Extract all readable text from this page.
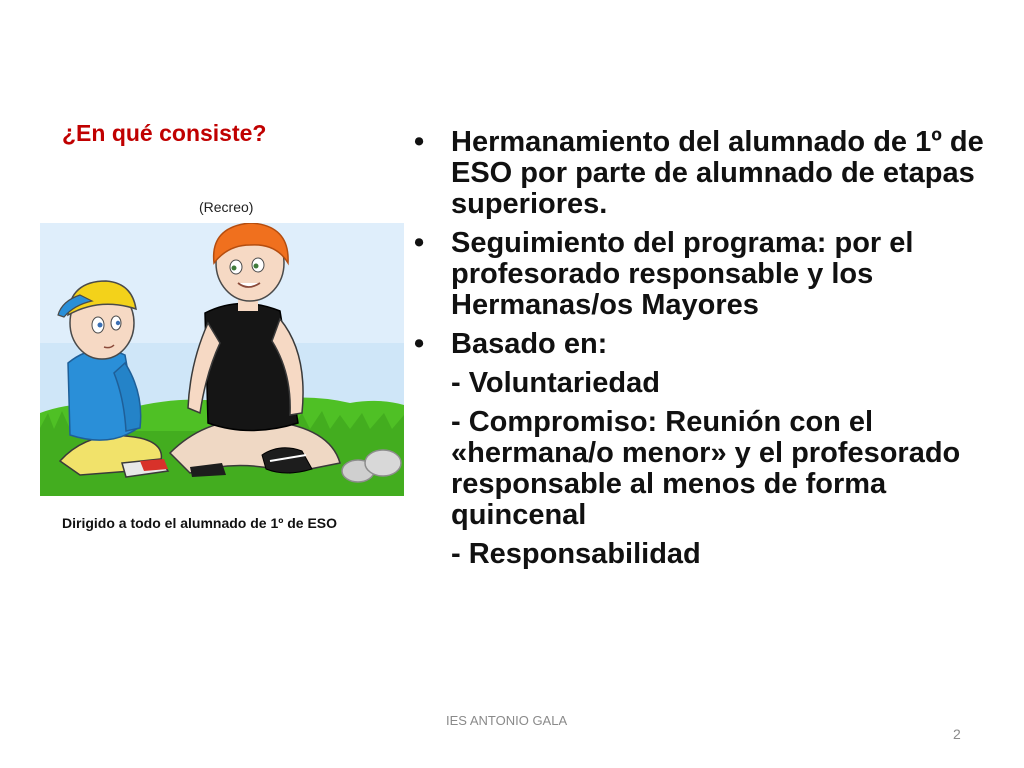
¿En qué consiste?
(Recreo)
Dirigido a todo el alumnado de 1º de ESO
• Hermanamiento del alumnado de 1º de ESO por parte de alumnado de etapas superiores.
• Seguimiento del programa: por el profesorado responsable y los Hermanas/os Mayores
• Basado en:
- Voluntariedad
- Compromiso: Reunión con el «hermana/o menor» y el profesorado responsable al menos de forma quincenal
- Responsabilidad
IES ANTONIO GALA
2
